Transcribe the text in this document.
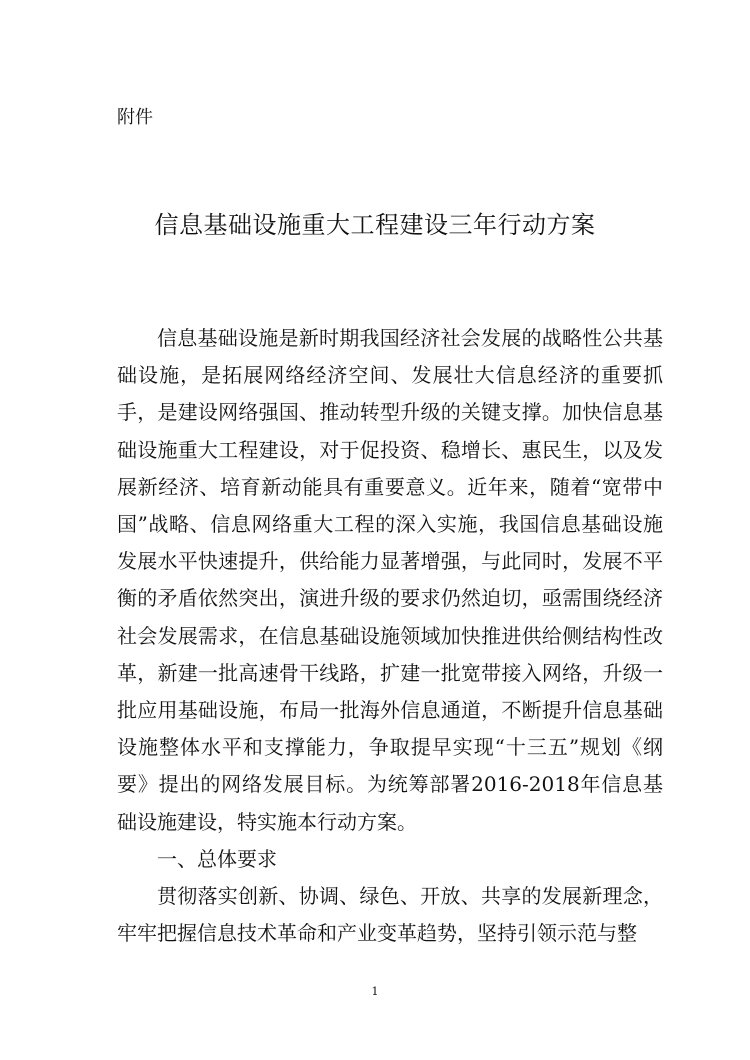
附件

信息基础设施重大工程建设三年行动方案

信息基础设施是新时期我国经济社会发展的战略性公共基础设施，是拓展网络经济空间、发展壮大信息经济的重要抓手，是建设网络强国、推动转型升级的关键支撑。加快信息基础设施重大工程建设，对于促投资、稳增长、惠民生，以及发展新经济、培育新动能具有重要意义。近年来，随着“宽带中国”战略、信息网络重大工程的深入实施，我国信息基础设施发展水平快速提升，供给能力显著增强，与此同时，发展不平衡的矛盾依然突出，演进升级的要求仍然迫切，亟需围绕经济社会发展需求，在信息基础设施领域加快推进供给侧结构性改革，新建一批高速骨干线路，扩建一批宽带接入网络，升级一批应用基础设施，布局一批海外信息通道，不断提升信息基础设施整体水平和支撑能力，争取提早实现“十三五”规划《纲要》提出的网络发展目标。为统筹部署2016-2018年信息基础设施建设，特实施本行动方案。

一、总体要求

贯彻落实创新、协调、绿色、开放、共享的发展新理念，牢牢把握信息技术革命和产业变革趋势，坚持引领示范与整

1
